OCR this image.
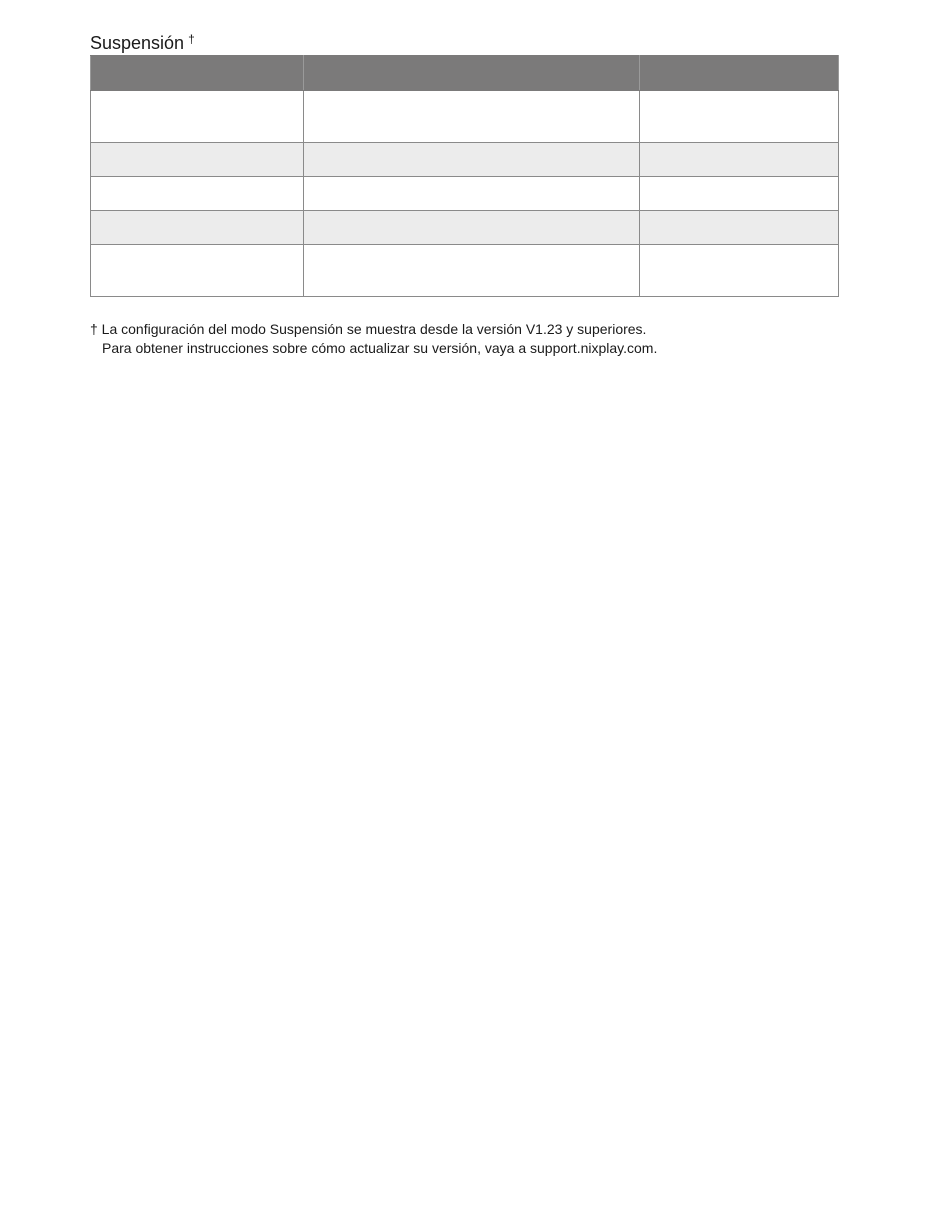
Suspensión †

† La configuración del modo Suspensión se muestra desde la versión V1.23 y superiores.
Para obtener instrucciones sobre cómo actualizar su versión, vaya a support.nixplay.com.
